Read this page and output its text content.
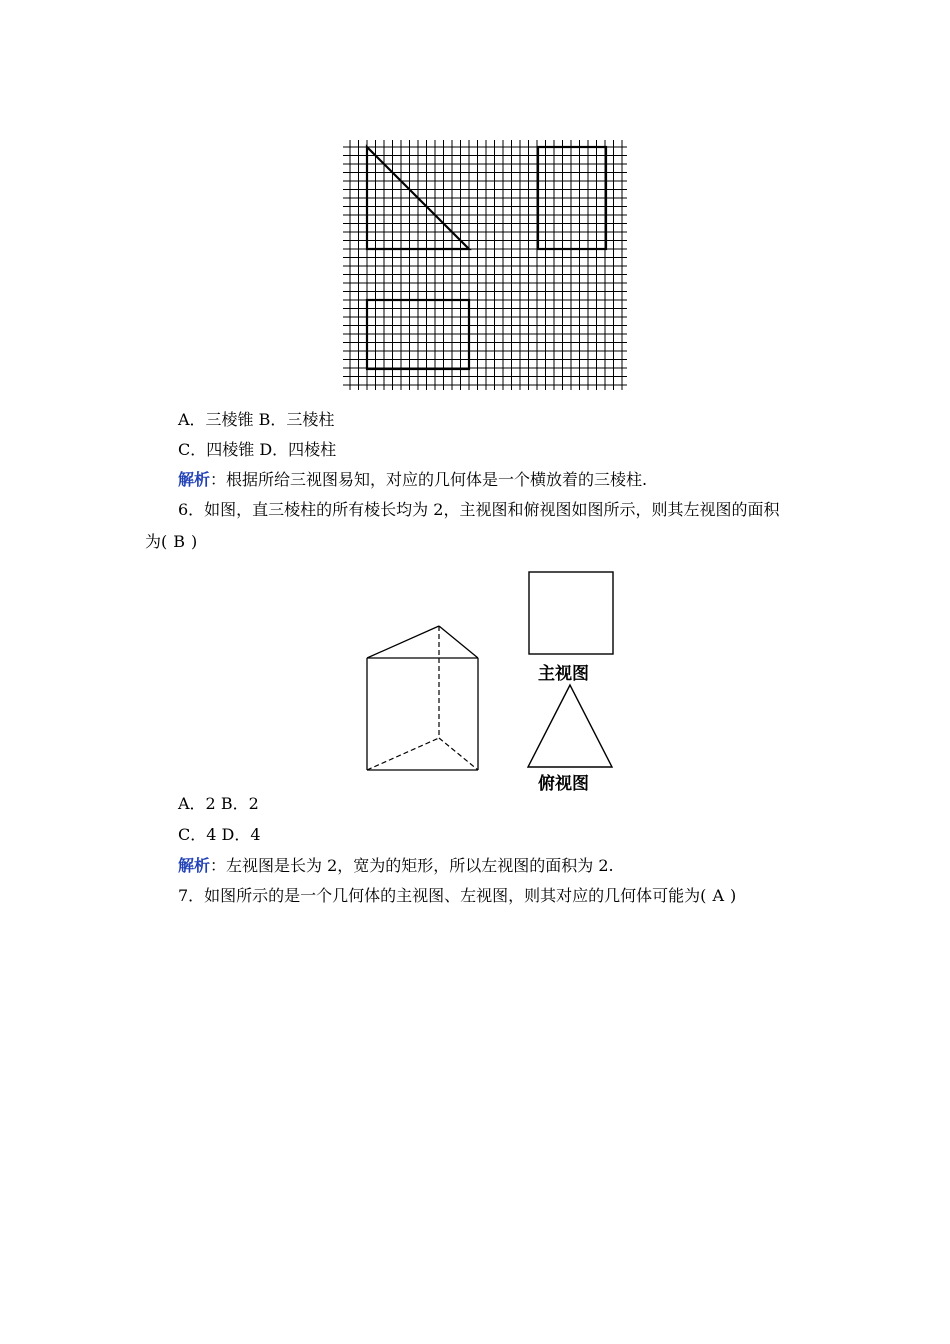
A．三棱锥 B．三棱柱
C．四棱锥 D．四棱柱
解析：根据所给三视图易知，对应的几何体是一个横放着的三棱柱.
6．如图，直三棱柱的所有棱长均为 2，主视图和俯视图如图所示，则其左视图的面积
为( B )
主视图
俯视图
A．2 B．2
C．4 D．4
解析：左视图是长为 2，宽为的矩形，所以左视图的面积为 2.
7．如图所示的是一个几何体的主视图、左视图，则其对应的几何体可能为( A )
